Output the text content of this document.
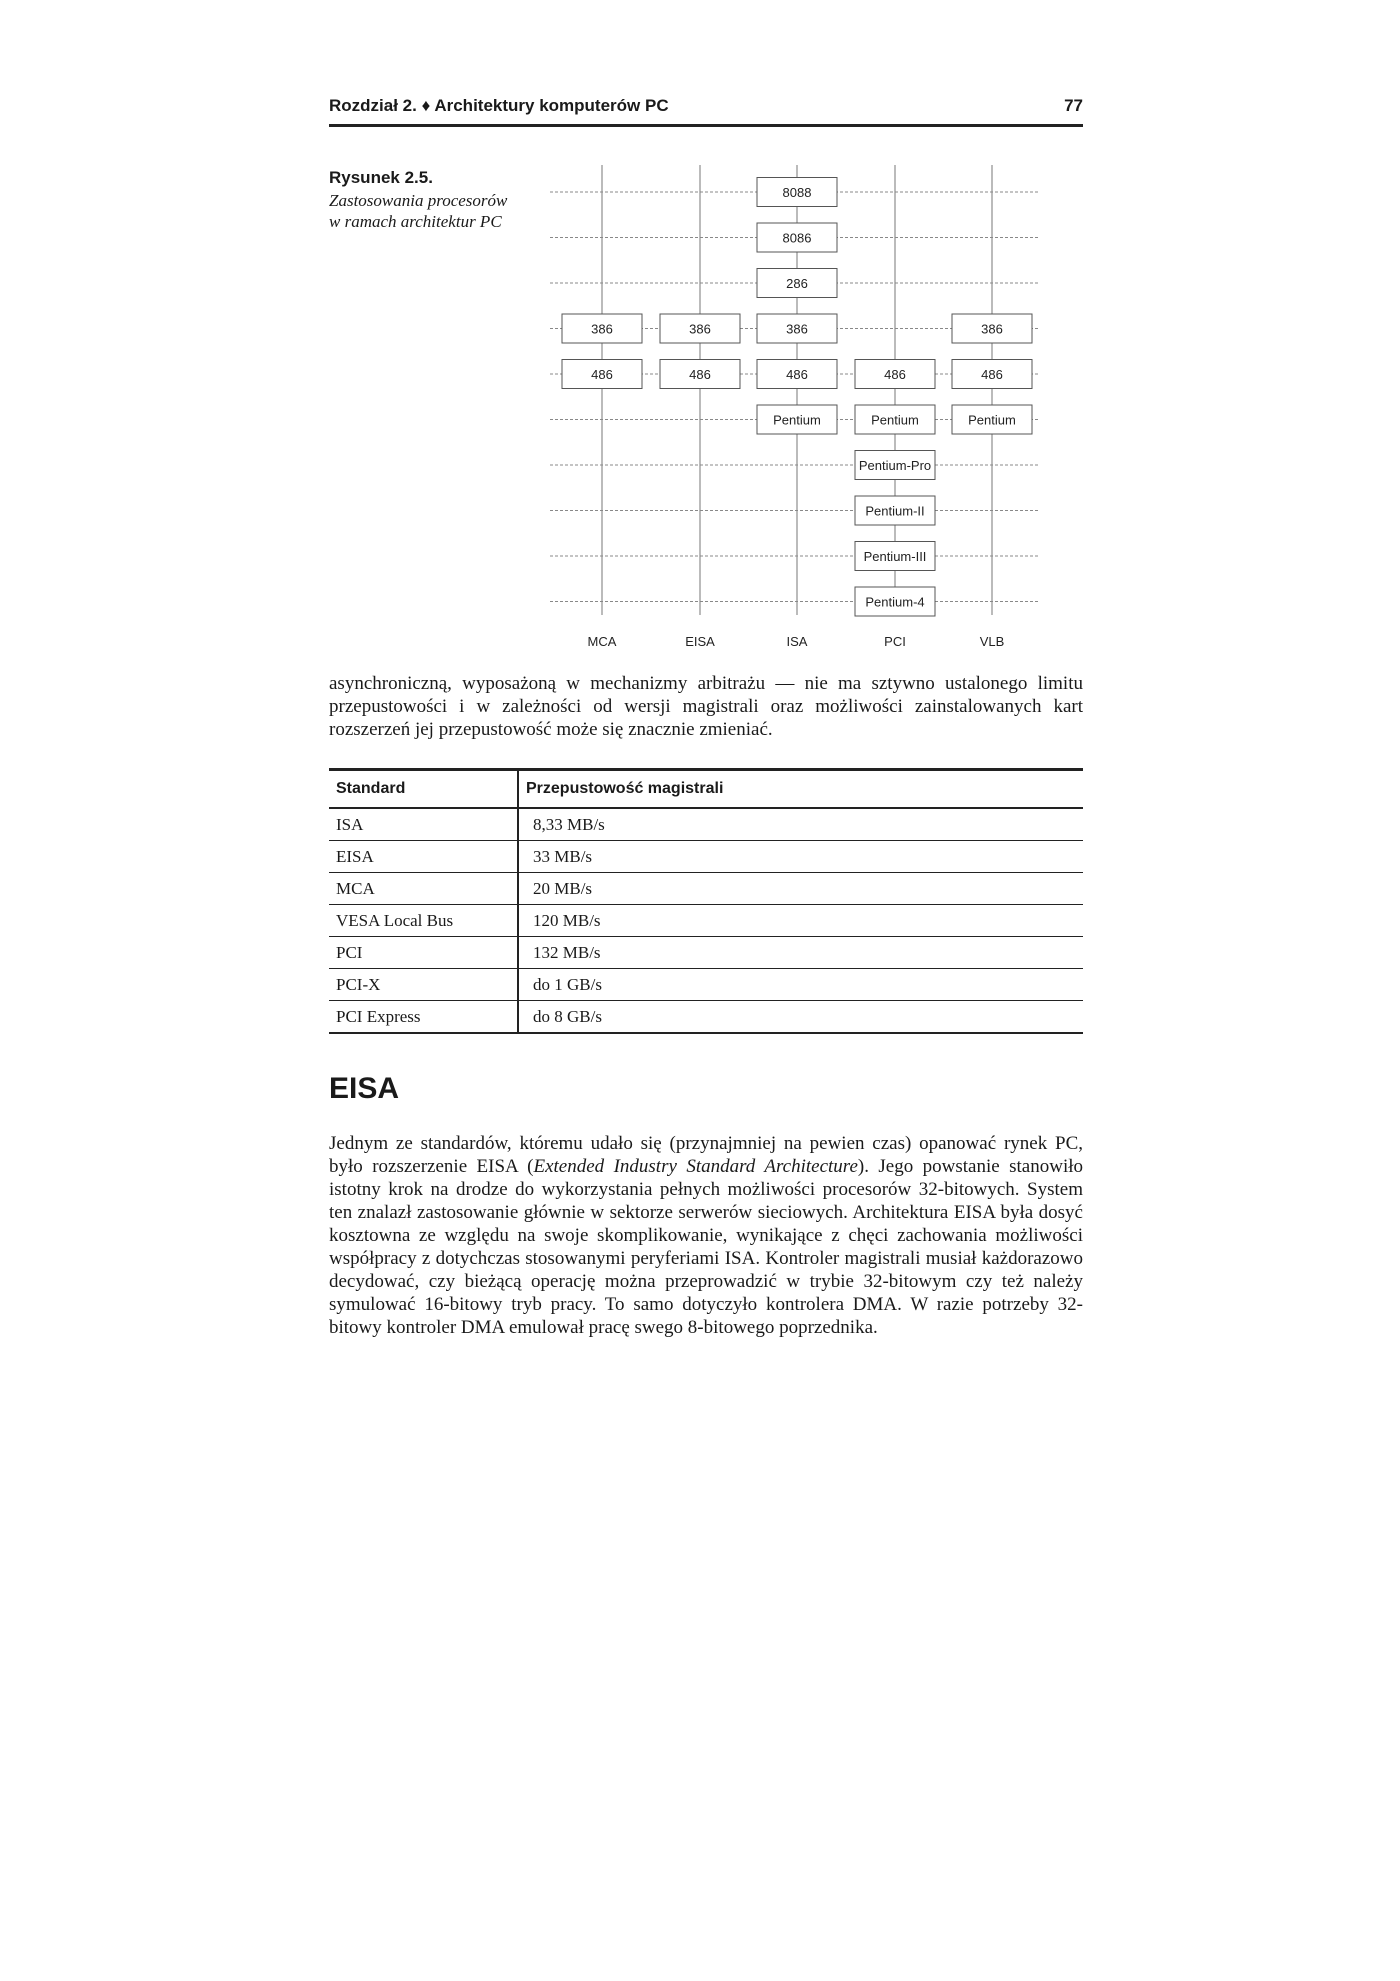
Rozdział 2. ♦ Architektury komputerów PC	77
Rysunek 2.5.
Zastosowania procesorów w ramach architektur PC
8088
8086
286
386	386	386	386
486	486	486	486	486
Pentium	Pentium	Pentium
Pentium-Pro
Pentium-II
Pentium-III
Pentium-4
MCA	EISA	ISA	PCI	VLB
asynchroniczną, wyposażoną w mechanizmy arbitrażu — nie ma sztywno ustalonego limitu przepustowości i w zależności od wersji magistrali oraz możliwości zainstalowanych kart rozszerzeń jej przepustowość może się znacznie zmieniać.
Standard	Przepustowość magistrali
ISA	8,33 MB/s
EISA	33 MB/s
MCA	20 MB/s
VESA Local Bus	120 MB/s
PCI	132 MB/s
PCI-X	do 1 GB/s
PCI Express	do 8 GB/s
EISA
Jednym ze standardów, któremu udało się (przynajmniej na pewien czas) opanować rynek PC, było rozszerzenie EISA (Extended Industry Standard Architecture). Jego powstanie stanowiło istotny krok na drodze do wykorzystania pełnych możliwości procesorów 32-bitowych. System ten znalazł zastosowanie głównie w sektorze serwerów sieciowych. Architektura EISA była dosyć kosztowna ze względu na swoje skomplikowanie, wynikające z chęci zachowania możliwości współpracy z dotychczas stosowanymi peryferiami ISA. Kontroler magistrali musiał każdorazowo decydować, czy bieżącą operację można przeprowadzić w trybie 32-bitowym czy też należy symulować 16-bitowy tryb pracy. To samo dotyczyło kontrolera DMA. W razie potrzeby 32-bitowy kontroler DMA emulował pracę swego 8-bitowego poprzednika.
